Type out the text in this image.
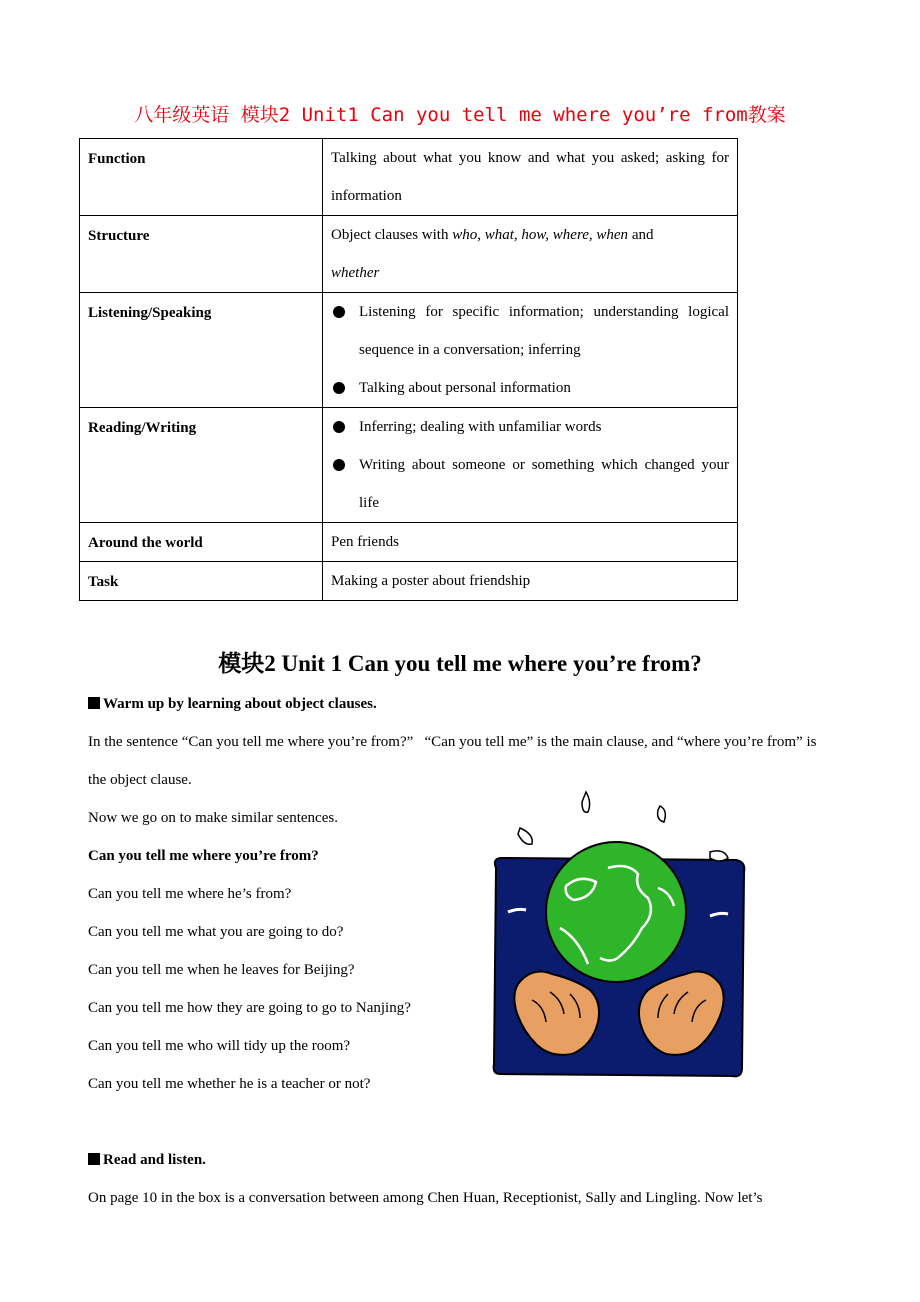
八年级英语 模块2 Unit1 Can you tell me where you’re from教案
Function	Talking about what you know and what you asked; asking for information
Structure	Object clauses with who, what, how, where, when and
whether
Listening/Speaking	Listening for specific information; understanding logical sequence in a conversation; inferring
Talking about personal information

Reading/Writing	Inferring; dealing with unfamiliar words
Writing about someone or something which changed your life

Around the world	Pen friends
Task	Making a poster about friendship
模块2 Unit 1 Can you tell me where you’re from?

Warm up by learning about object clauses.

In the sentence “Can you tell me where you’re from?”   “Can you tell me” is the main clause, and “where you’re from” is the object clause.

Now we go on to make similar sentences.

Can you tell me where you’re from?

Can you tell me where he’s from?

Can you tell me what you are going to do?

Can you tell me when he leaves for Beijing?

Can you tell me how they are going to go to Nanjing?

Can you tell me who will tidy up the room?

Can you tell me whether he is a teacher or not?

Read and listen.

On page 10 in the box is a conversation between among Chen Huan, Receptionist, Sally and Lingling. Now let’s
